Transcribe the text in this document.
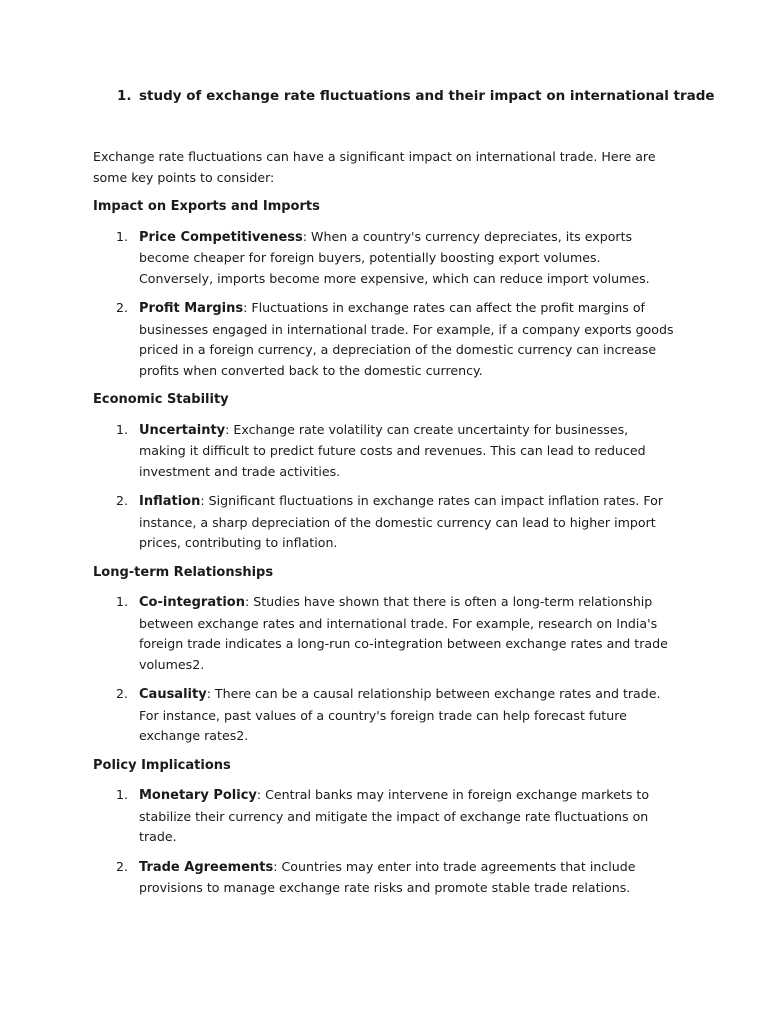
1. study of exchange rate fluctuations and their impact on international trade

Exchange rate fluctuations can have a significant impact on international trade. Here are some key points to consider:

Impact on Exports and Imports
1. Price Competitiveness: When a country's currency depreciates, its exports become cheaper for foreign buyers, potentially boosting export volumes. Conversely, imports become more expensive, which can reduce import volumes.
2. Profit Margins: Fluctuations in exchange rates can affect the profit margins of businesses engaged in international trade. For example, if a company exports goods priced in a foreign currency, a depreciation of the domestic currency can increase profits when converted back to the domestic currency.
Economic Stability
1. Uncertainty: Exchange rate volatility can create uncertainty for businesses, making it difficult to predict future costs and revenues. This can lead to reduced investment and trade activities.
2. Inflation: Significant fluctuations in exchange rates can impact inflation rates. For instance, a sharp depreciation of the domestic currency can lead to higher import prices, contributing to inflation.
Long-term Relationships
1. Co-integration: Studies have shown that there is often a long-term relationship between exchange rates and international trade. For example, research on India's foreign trade indicates a long-run co-integration between exchange rates and trade volumes2.
2. Causality: There can be a causal relationship between exchange rates and trade. For instance, past values of a country's foreign trade can help forecast future exchange rates2.
Policy Implications
1. Monetary Policy: Central banks may intervene in foreign exchange markets to stabilize their currency and mitigate the impact of exchange rate fluctuations on trade.
2. Trade Agreements: Countries may enter into trade agreements that include provisions to manage exchange rate risks and promote stable trade relations.
